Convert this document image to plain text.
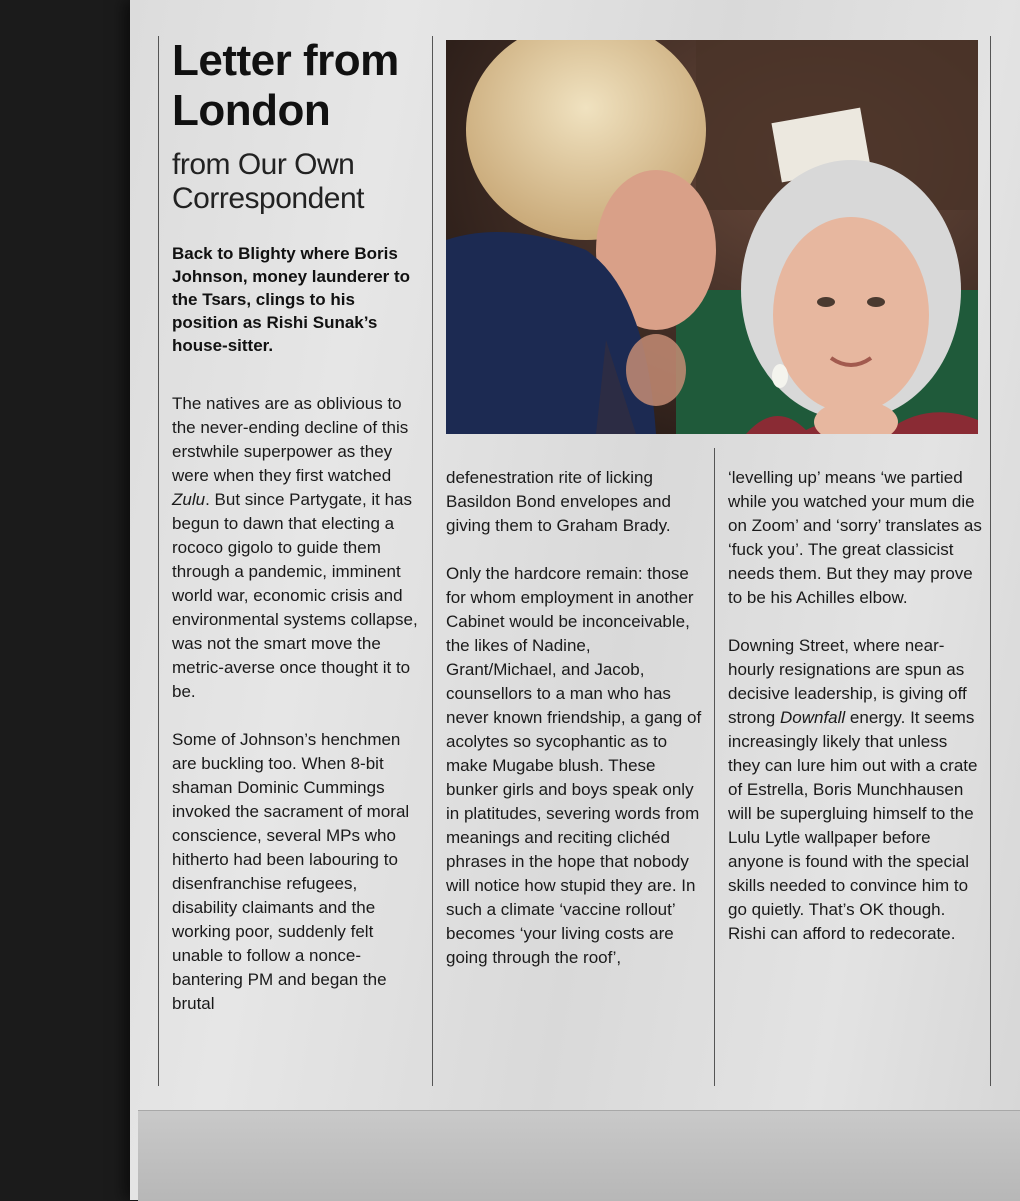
Letter from London
from Our Own Correspondent
Back to Blighty where Boris Johnson, money launderer to the Tsars, clings to his position as Rishi Sunak’s house-sitter.

The natives are as oblivious to the never-ending decline of this erstwhile superpower as they were when they first watched Zulu. But since Partygate, it has begun to dawn that electing a rococo gigolo to guide them through a pandemic, imminent world war, economic crisis and environmental systems collapse, was not the smart move the metric-averse once thought it to be.

Some of Johnson’s henchmen are buckling too. When 8-bit shaman Dominic Cummings invoked the sacrament of moral conscience, several MPs who hitherto had been labouring to disenfranchise refugees, disability claimants and the working poor, suddenly felt unable to follow a nonce-bantering PM and began the brutal

defenestration rite of licking Basildon Bond envelopes and giving them to Graham Brady.

Only the hardcore remain: those for whom employment in another Cabinet would be inconceivable, the likes of Nadine, Grant/Michael, and Jacob, counsellors to a man who has never known friendship, a gang of acolytes so sycophantic as to make Mugabe blush. These bunker girls and boys speak only in platitudes, severing words from meanings and reciting clichéd phrases in the hope that nobody will notice how stupid they are. In such a climate ‘vaccine rollout’ becomes ‘your living costs are going through the roof’,

‘levelling up’ means ‘we partied while you watched your mum die on Zoom’ and ‘sorry’ translates as ‘fuck you’. The great classicist needs them. But they may prove to be his Achilles elbow.

Downing Street, where near-hourly resignations are spun as decisive leadership, is giving off strong Downfall energy. It seems increasingly likely that unless they can lure him out with a crate of Estrella, Boris Munchhausen will be supergluing himself to the Lulu Lytle wallpaper before anyone is found with the special skills needed to convince him to go quietly. That’s OK though. Rishi can afford to redecorate.
